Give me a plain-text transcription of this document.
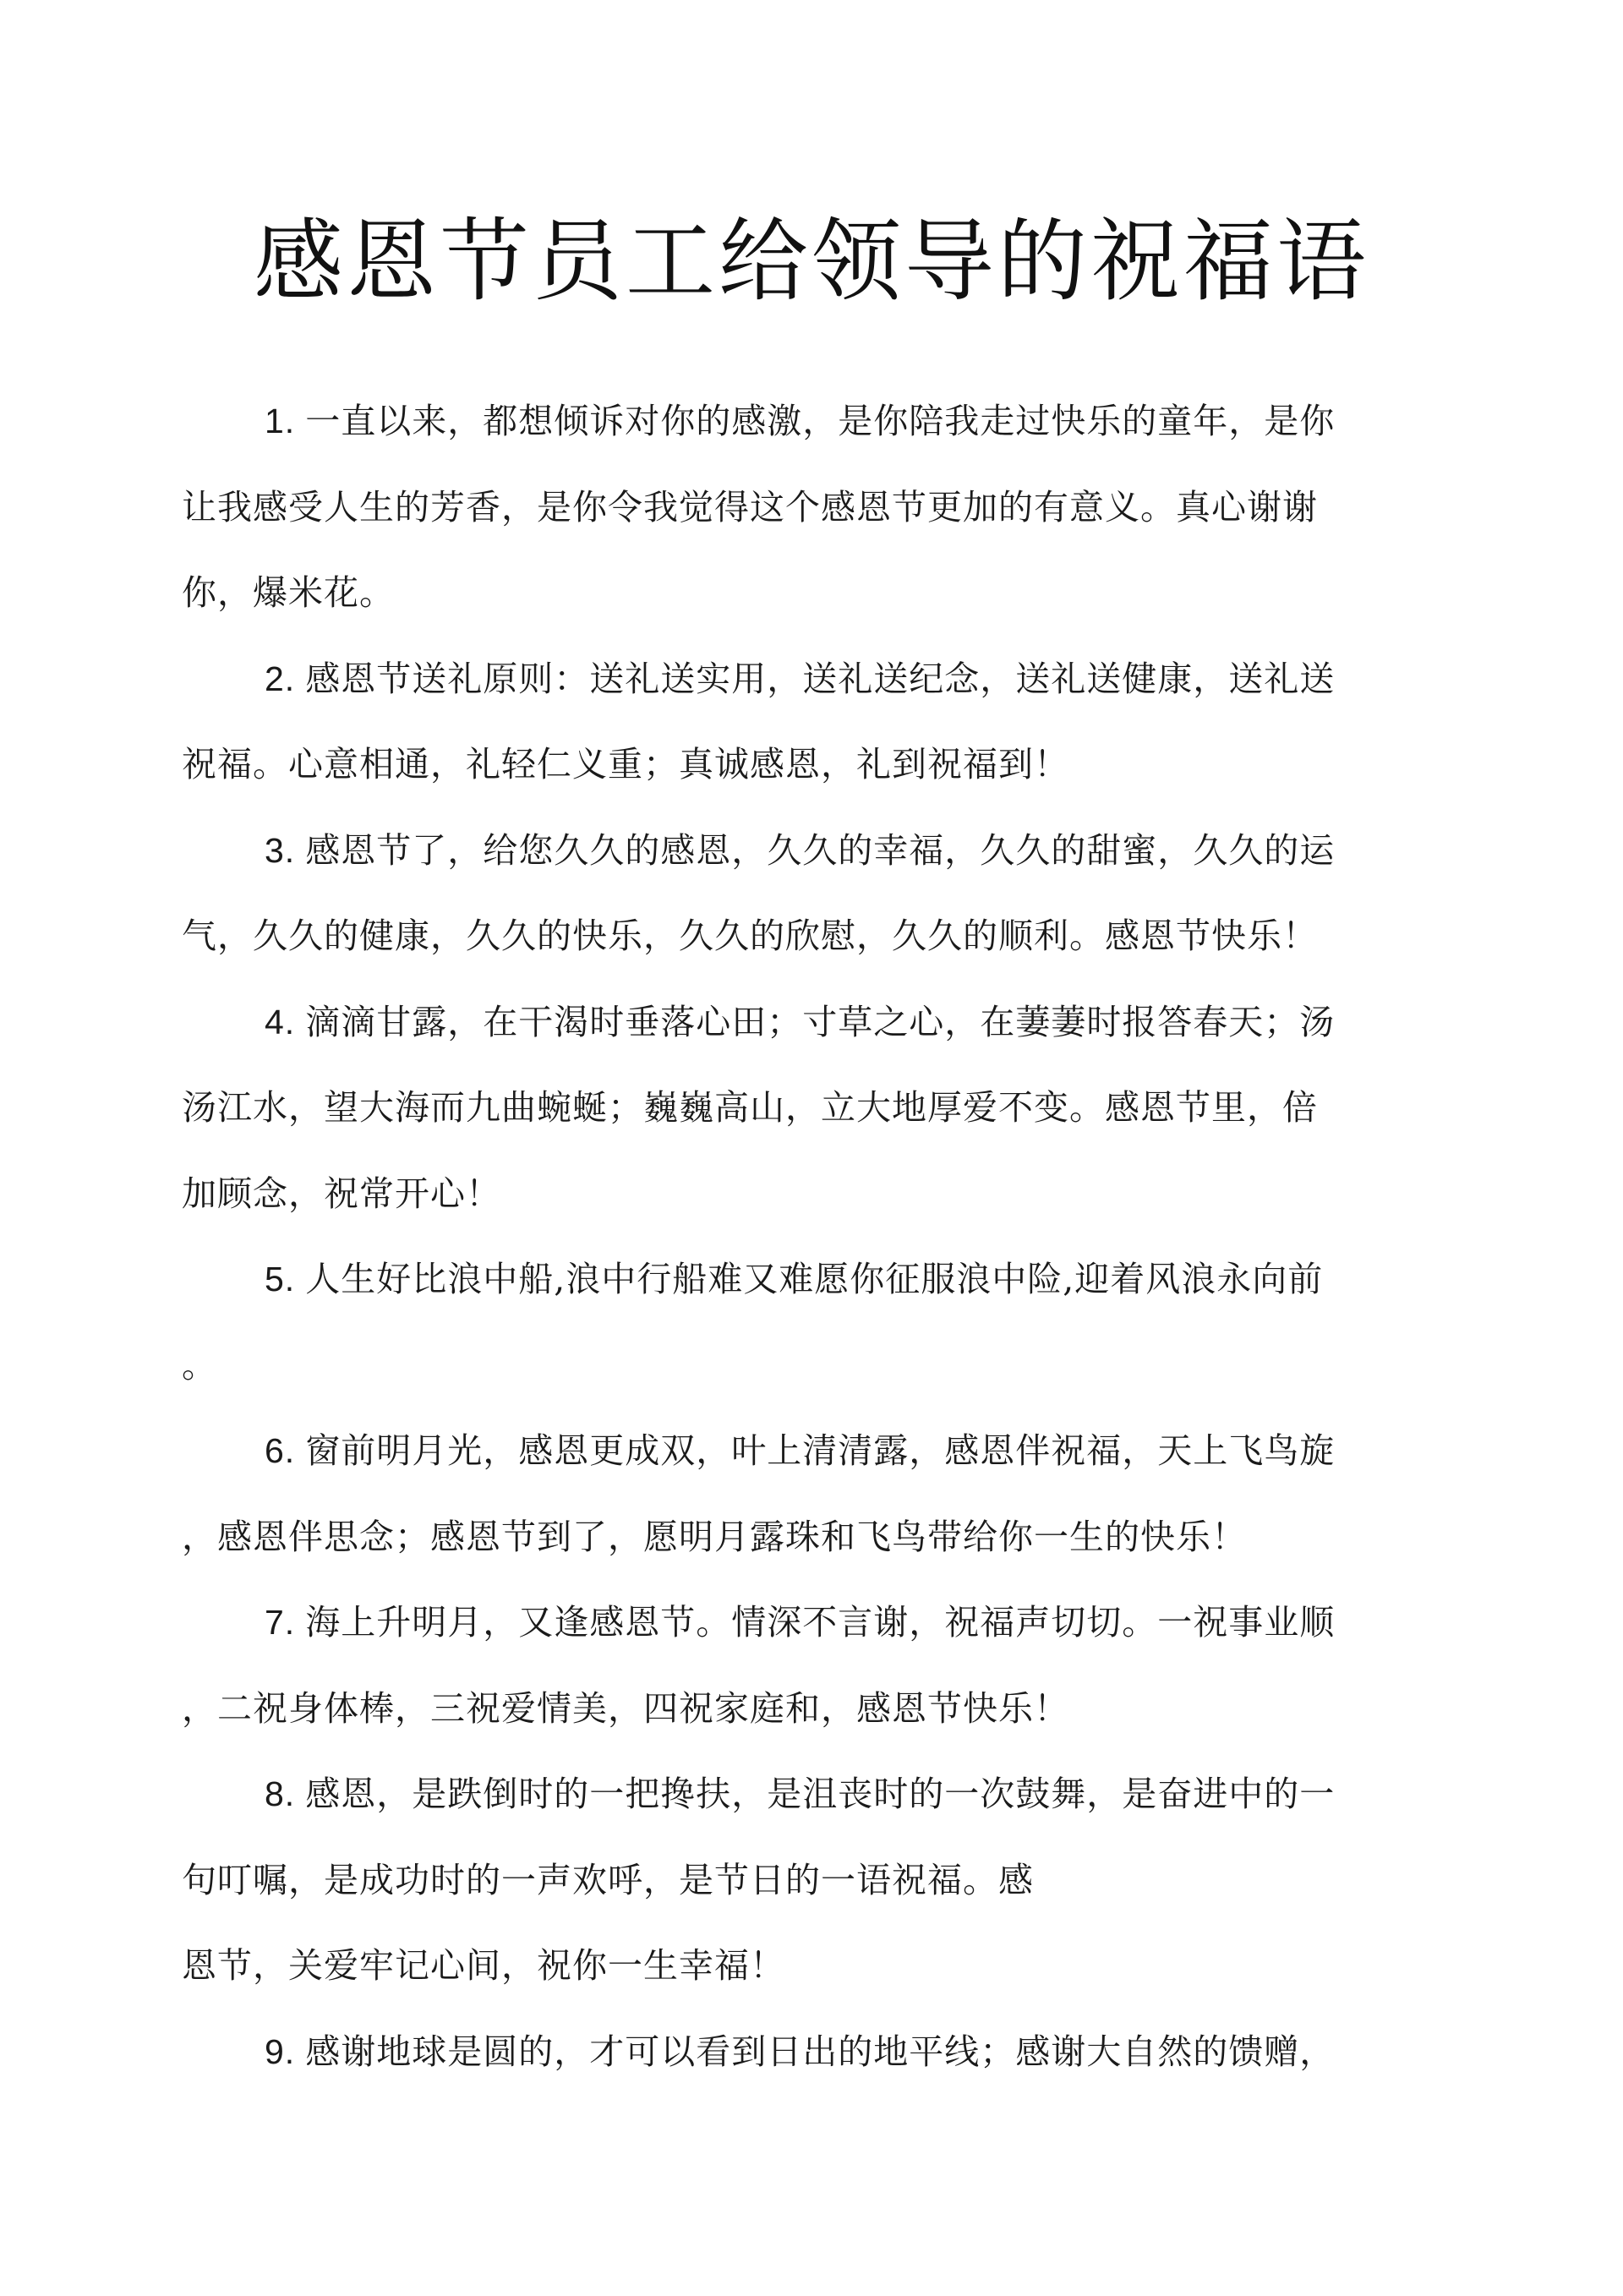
感恩节员工给领导的祝福语
1. 一直以来，都想倾诉对你的感激，是你陪我走过快乐的童年，是你
让我感受人生的芳香，是你令我觉得这个感恩节更加的有意义。真心谢谢
你，爆米花。
2. 感恩节送礼原则：送礼送实用，送礼送纪念，送礼送健康，送礼送
祝福。心意相通，礼轻仁义重；真诚感恩，礼到祝福到！
3. 感恩节了，给您久久的感恩，久久的幸福，久久的甜蜜，久久的运
气，久久的健康，久久的快乐，久久的欣慰，久久的顺利。感恩节快乐！
4. 滴滴甘露，在干渴时垂落心田；寸草之心，在萋萋时报答春天；汤
汤江水，望大海而九曲蜿蜒；巍巍高山，立大地厚爱不变。感恩节里，倍
加顾念，祝常开心！
5. 人生好比浪中船,浪中行船难又难愿你征服浪中险,迎着风浪永向前
。
6. 窗前明月光，感恩更成双，叶上清清露，感恩伴祝福，天上飞鸟旋
，感恩伴思念；感恩节到了，愿明月露珠和飞鸟带给你一生的快乐！
7. 海上升明月，又逢感恩节。情深不言谢，祝福声切切。一祝事业顺
，二祝身体棒，三祝爱情美，四祝家庭和，感恩节快乐！
8. 感恩，是跌倒时的一把搀扶，是沮丧时的一次鼓舞，是奋进中的一
句叮嘱，是成功时的一声欢呼，是节日的一语祝福。感
恩节，关爱牢记心间，祝你一生幸福！
9. 感谢地球是圆的，才可以看到日出的地平线；感谢大自然的馈赠，
